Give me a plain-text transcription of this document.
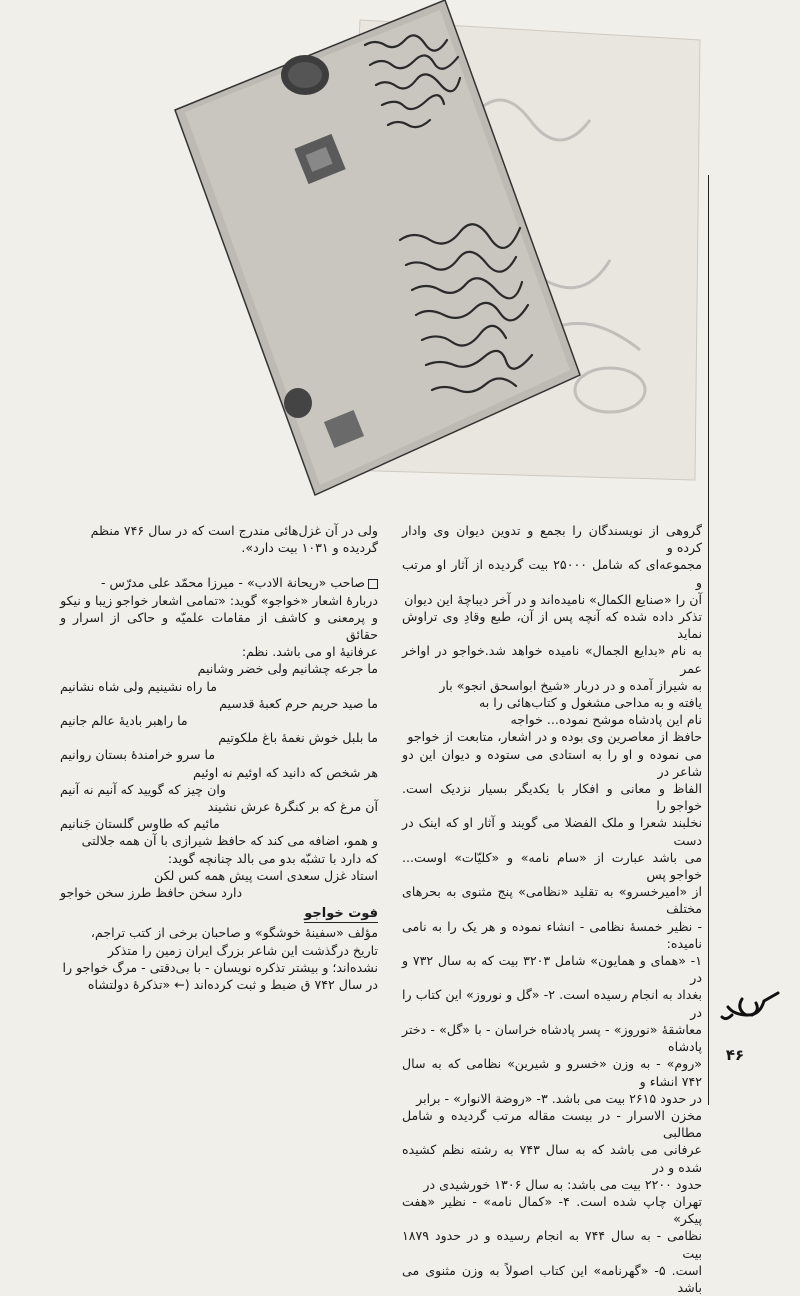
گروهی از نویسندگان را بجمع و تدوین دیوان وی وادار کرده و

مجموعه‌ای که شامل ۲۵۰۰۰ بیت گردیده از آثار او مرتب و

آن را «صنایع الکمال» نامیده‌اند و در آخر دیباچهٔ این دیوان

تذکر داده شده که آنچه پس از آن، طبع وقادِ وی تراوش نماید

به نام «بدایع الجمال» نامیده خواهد شد.خواجو در اواخر عمر

به شیراز آمده و در دربار «شیخ ابواسحق انجو» بار

یافته و به مداحی مشغول و کتاب‌هائی را به

نام این پادشاه موشح نموده... خواجه

حافظ از معاصرین وی بوده و در اشعار، متابعت از خواجو

می نموده و او را به استادی می ستوده و دیوان این دو شاعر در

الفاظ و معانی و افکار با یکدیگر بسیار نزدیک است. خواجو را

نخلبند شعرا و ملک الفضلا می گویند و آثار او که اینک در دست

می باشد عبارت از «سام نامه» و «کلیّات» اوست... خواجو پس

از «امیرخسرو» به تقلید «نظامی» پنج مثنوی به بحرهای مختلف

- نظیر خمسهٔ نظامی - انشاء نموده و هر یک را به نامی نامیده:

۱- «همای و همایون» شامل ۳۲۰۳ بیت که به سال ۷۳۲ و در

بغداد به انجام رسیده است. ۲- «گل و نوروز» این کتاب را در

معاشقهٔ «نوروز» - پسر پادشاه خراسان - با «گل» - دختر پادشاه

«روم» - به وزن «خسرو و شیرین» نظامی که به سال ۷۴۲ انشاء و

در حدود ۲۶۱۵ بیت می باشد. ۳- «روضة الانوار» - برابر

مخزن الاسرار - در بیست مقاله مرتب گردیده و شامل مطالبی

عرفانی می باشد که به سال ۷۴۳ به رشته نظم کشیده شده و در

حدود ۲۲۰۰ بیت می باشد: به سال ۱۳۰۶ خورشیدی در

تهران چاپ شده است. ۴- «کمال نامه» - نظیر «هفت پیکر»

نظامی - به سال ۷۴۴ به انجام رسیده و در حدود ۱۸۷۹ بیت

است. ۵- «گهرنامه» این کتاب اصولاً به وزن مثنوی می باشد

ولی در آن غزل‌هائی مندرج است که در سال ۷۴۶ منظم

گردیده و ۱۰۳۱ بیت دارد».

صاحب «ریحانة الادب» - میرزا محمّد علی مدرّس -

دربارهٔ اشعار «خواجو» گوید: «تمامی اشعار خواجو زیبا و نیکو

و پرمعنی و کاشف از مقامات علمیّه و حاکی از اسرار و حقائق

عرفانیهٔ او می باشد. نظم:

ما جرعه چشانیم ولی خضر وشانیم
ما راه نشینیم ولی شاه نشانیم
ما صید حریم حرم کعبهٔ قدسیم
ما راهبر بادیهٔ عالم جانیم
ما بلبل خوش نغمهٔ باغ ملکوتیم
ما سرو خرامندهٔ بستان روانیم
هر شخص که دانید که اوئیم نه اوئیم
وان چیز که گویید که آنیم نه آنیم
آن مرغ که بر کنگرهٔ عرش نشیند
مائیم که طاوس گلستان جَنانیم

و همو، اضافه می کند که حافظ شیرازی با آن همه جلالتی

که دارد با تشبّه بدو می بالد چنانچه گوید:

استاد غزل سعدی است پیش همه کس لکن
دارد سخن حافظ طرز سخن خواجو
فوت خواجو

مؤلف «سفینهٔ خوشگو» و صاحبان برخی از کتب تراجم،

تاریخ درگذشت این شاعر بزرگ ایران زمین را متذکر

نشده‌اند؛ و بیشتر تذکره نویسان - با بی‌دقتی - مرگ خواجو را

در سال ۷۴۲ ق ضبط و ثبت کرده‌اند (← «تذکرهٔ دولتشاه

۴۶
